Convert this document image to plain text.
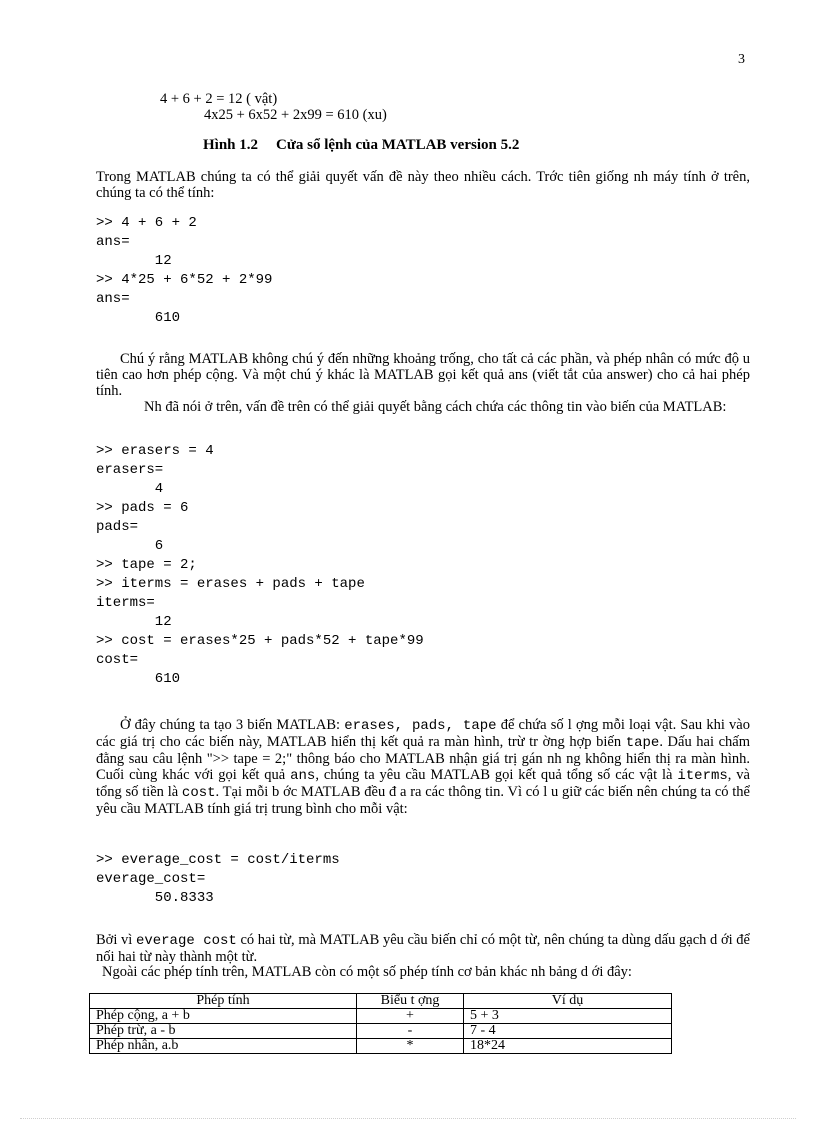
3
4 + 6 + 2 = 12 ( vật)
4x25 + 6x52 + 2x99 = 610 (xu)
Hình 1.2 Cửa sổ lệnh của MATLAB version 5.2
Trong MATLAB chúng ta có thể giải quyết vấn đề này theo nhiều cách. Trớc tiên giống nh máy tính ở trên, chúng ta có thể tính:
>> 4 + 6 + 2
ans=
12
>> 4*25 + 6*52 + 2*99
ans=
610
Chú ý rằng MATLAB không chú ý đến những khoảng trống, cho tất cả các phần, và phép nhân có mức độ u tiên cao hơn phép cộng. Và một chú ý khác là MATLAB gọi kết quả ans (viết tắt của answer) cho cả hai phép tính.
Nh đã nói ở trên, vấn đề trên có thể giải quyết bằng cách chứa các thông tin vào biến của MATLAB:
>> erasers = 4
erasers=
4
>> pads = 6
pads=
6
>> tape = 2;
>> iterms = erases + pads + tape
iterms=
12
>> cost = erases*25 + pads*52 + tape*99
cost=
610
Ở đây chúng ta tạo 3 biến MATLAB: erases, pads, tape để chứa số l ợng mỗi loại vật. Sau khi vào các giá trị cho các biến này, MATLAB hiển thị kết quả ra màn hình, trừ tr ờng hợp biến tape. Dấu hai chấm đằng sau câu lệnh ">> tape = 2;" thông báo cho MATLAB nhận giá trị gán nh ng không hiển thị ra màn hình. Cuối cùng khác với gọi kết quả ans, chúng ta yêu cầu MATLAB gọi kết quả tổng số các vật là iterms, và tổng số tiền là cost. Tại mỗi b ớc MATLAB đều đ a ra các thông tin. Vì có l u giữ các biến nên chúng ta có thể yêu cầu MATLAB tính giá trị trung bình cho mỗi vật:
>> everage_cost = cost/iterms
everage_cost=
50.8333
Bởi vì everage cost có hai từ, mà MATLAB yêu cầu biến chỉ có một từ, nên chúng ta dùng dấu gạch d ới để nối hai từ này thành một từ.
Ngoài các phép tính trên, MATLAB còn có một số phép tính cơ bản khác nh bảng d ới đây:
Phép tính	Biểu t ợng	Ví dụ
Phép cộng, a + b	+	5 + 3
Phép trừ, a - b	-	7 - 4
Phép nhân, a.b	*	18*24
